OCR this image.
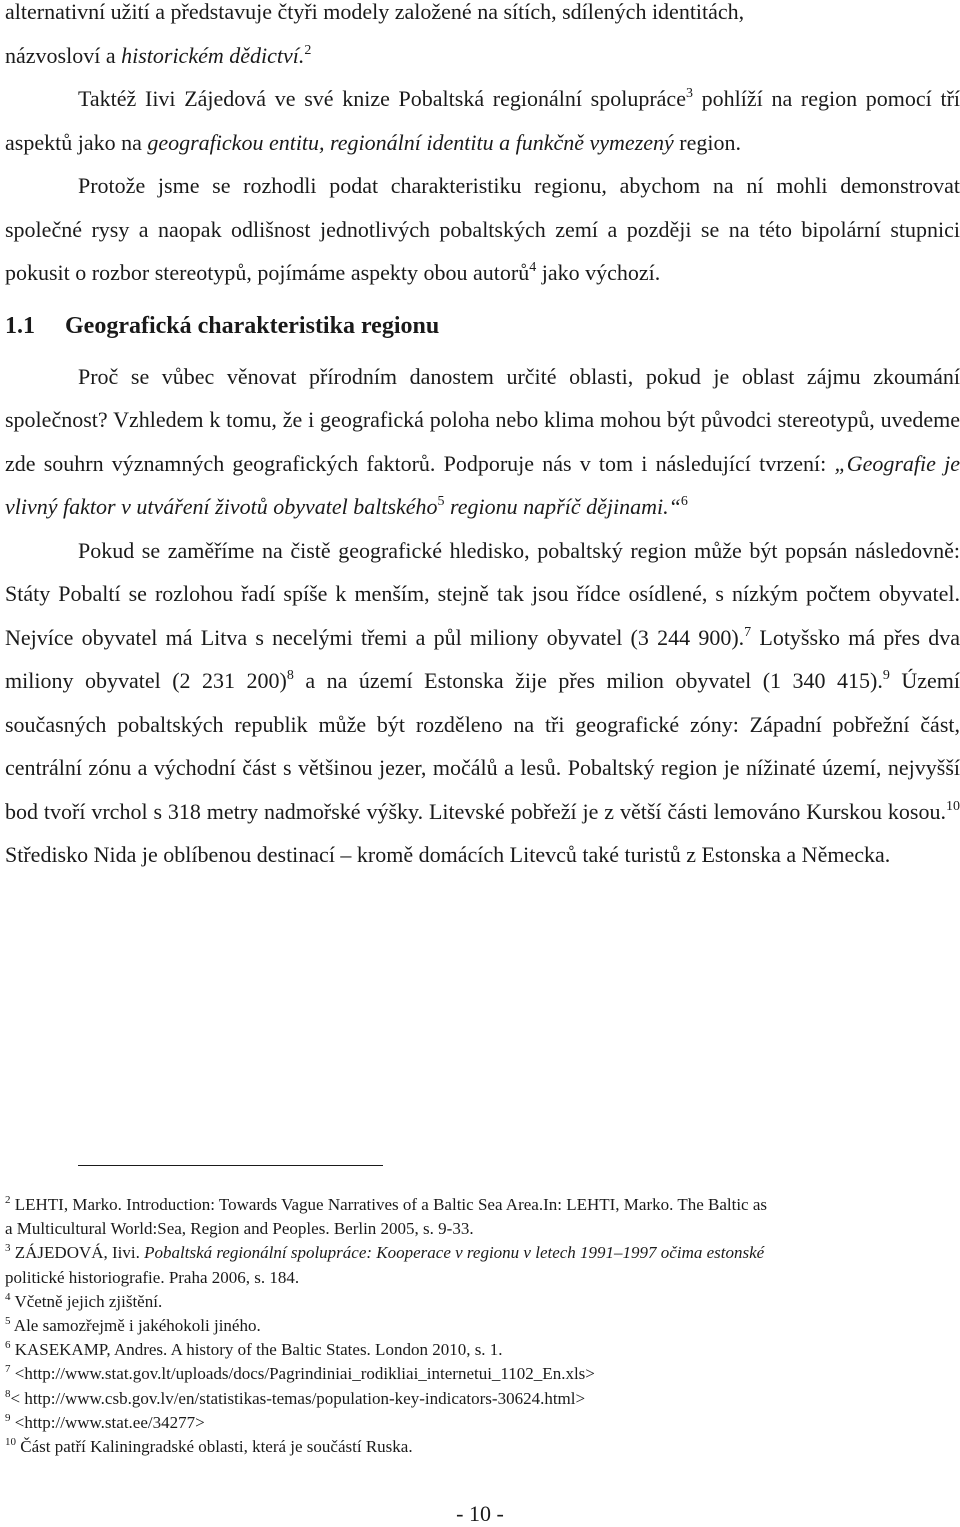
alternativní užití a představuje čtyři modely založené na sítích, sdílených identitách,
názvosloví a historickém dědictví.$^2$

Taktéž Iivi Zájedová ve své knize Pobaltská regionální spolupráce$^3$ pohlíží na region pomocí tří aspektů jako na geografickou entitu, regionální identitu a funkčně vymezený region.

Protože jsme se rozhodli podat charakteristiku regionu, abychom na ní mohli demonstrovat společné rysy a naopak odlišnost jednotlivých pobaltských zemí a později se na této bipolární stupnici pokusit o rozbor stereotypů, pojímáme aspekty obou autorů$^4$ jako výchozí.

1.1 Geografická charakteristika regionu

Proč se vůbec věnovat přírodním danostem určité oblasti, pokud je oblast zájmu zkoumání společnost? Vzhledem k tomu, že i geografická poloha nebo klima mohou být původci stereotypů, uvedeme zde souhrn významných geografických faktorů. Podporuje nás v tom i následující tvrzení: „Geografie je vlivný faktor v utváření životů obyvatel baltského$^5$ regionu napříč dějinami.“$^6$

Pokud se zaměříme na čistě geografické hledisko, pobaltský region může být popsán následovně: Státy Pobaltí se rozlohou řadí spíše k menším, stejně tak jsou řídce osídlené, s nízkým počtem obyvatel. Nejvíce obyvatel má Litva s necelými třemi a půl miliony obyvatel (3 244 900).$^7$ Lotyšsko má přes dva miliony obyvatel (2 231 200)$^8$ a na území Estonska žije přes milion obyvatel (1 340 415).$^9$ Území současných pobaltských republik může být rozděleno na tři geografické zóny: Západní pobřežní část, centrální zónu a východní část s většinou jezer, močálů a lesů. Pobaltský region je nížinaté území, nejvyšší bod tvoří vrchol s 318 metry nadmořské výšky. Litevské pobřeží je z větší části lemováno Kurskou kosou.$^{10}$ Středisko Nida je oblíbenou destinací – kromě domácích Litevců také turistů z Estonska a Německa.

$^2$ LEHTI, Marko. Introduction: Towards Vague Narratives of a Baltic Sea Area.In: LEHTI, Marko. The Baltic as

a Multicultural World:Sea, Region and Peoples. Berlin 2005, s. 9-33.

$^3$ ZÁJEDOVÁ, Iivi. Pobaltská regionální spolupráce: Kooperace v regionu v letech 1991–1997 očima estonské

politické historiografie. Praha 2006, s. 184.

$^4$ Včetně jejich zjištění.

$^5$ Ale samozřejmě i jakéhokoli jiného.

$^6$ KASEKAMP, Andres. A history of the Baltic States. London 2010, s. 1.

$^7$ <http://www.stat.gov.lt/uploads/docs/Pagrindiniai_rodikliai_internetui_1102_En.xls>

$^8$< http://www.csb.gov.lv/en/statistikas-temas/population-key-indicators-30624.html>

$^9$ <http://www.stat.ee/34277>

$^{10}$ Část patří Kaliningradské oblasti, která je součástí Ruska.

- 10 -
